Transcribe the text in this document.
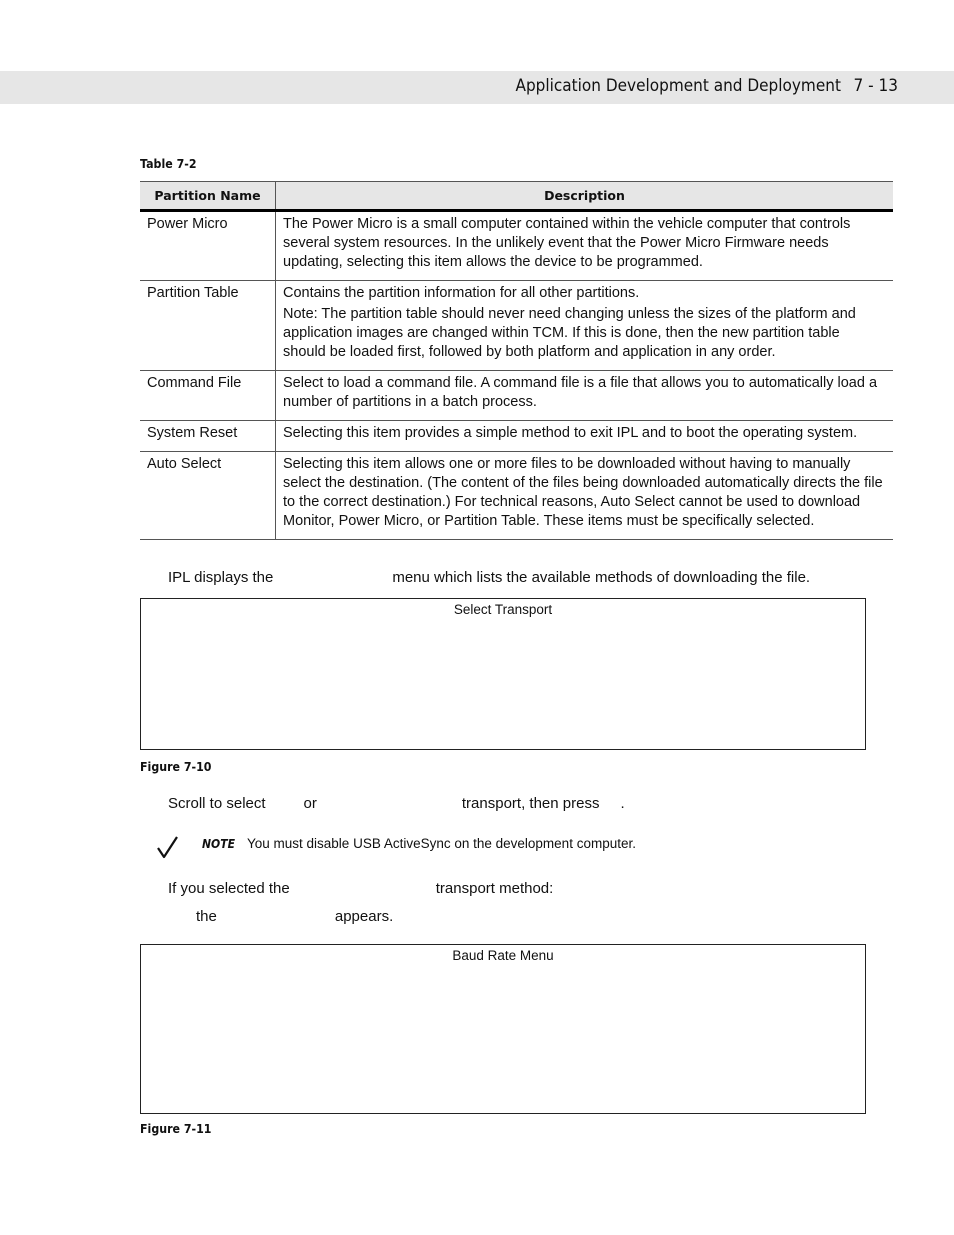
Application Development and Deployment 7 - 13
Table 7-2
Partition Name	Description
Power Micro	The Power Micro is a small computer contained within the vehicle computer that controls several system resources. In the unlikely event that the Power Micro Firmware needs updating, selecting this item allows the device to be programmed.

Partition Table	Contains the partition information for all other partitions.

Note: The partition table should never need changing unless the sizes of the platform and application images are changed within TCM. If this is done, then the new partition table should be loaded first, followed by both platform and application in any order.

Command File	Select to load a command file. A command file is a file that allows you to automatically load a number of partitions in a batch process.

System Reset	Selecting this item provides a simple method to exit IPL and to boot the operating system.

Auto Select	Selecting this item allows one or more files to be downloaded without having to manually select the destination. (The content of the files being downloaded automatically directs the file to the correct destination.) For technical reasons, Auto Select cannot be used to download Monitor, Power Micro, or Partition Table. These items must be specifically selected.

IPL displays the	menu which lists the available methods of downloading the file.
Select Transport
Figure 7-10
Scroll to select	or	transport, then press .
NOTE You must disable USB ActiveSync on the development computer.
If you selected the	transport method:
the	appears.
Baud Rate Menu
Figure 7-11
